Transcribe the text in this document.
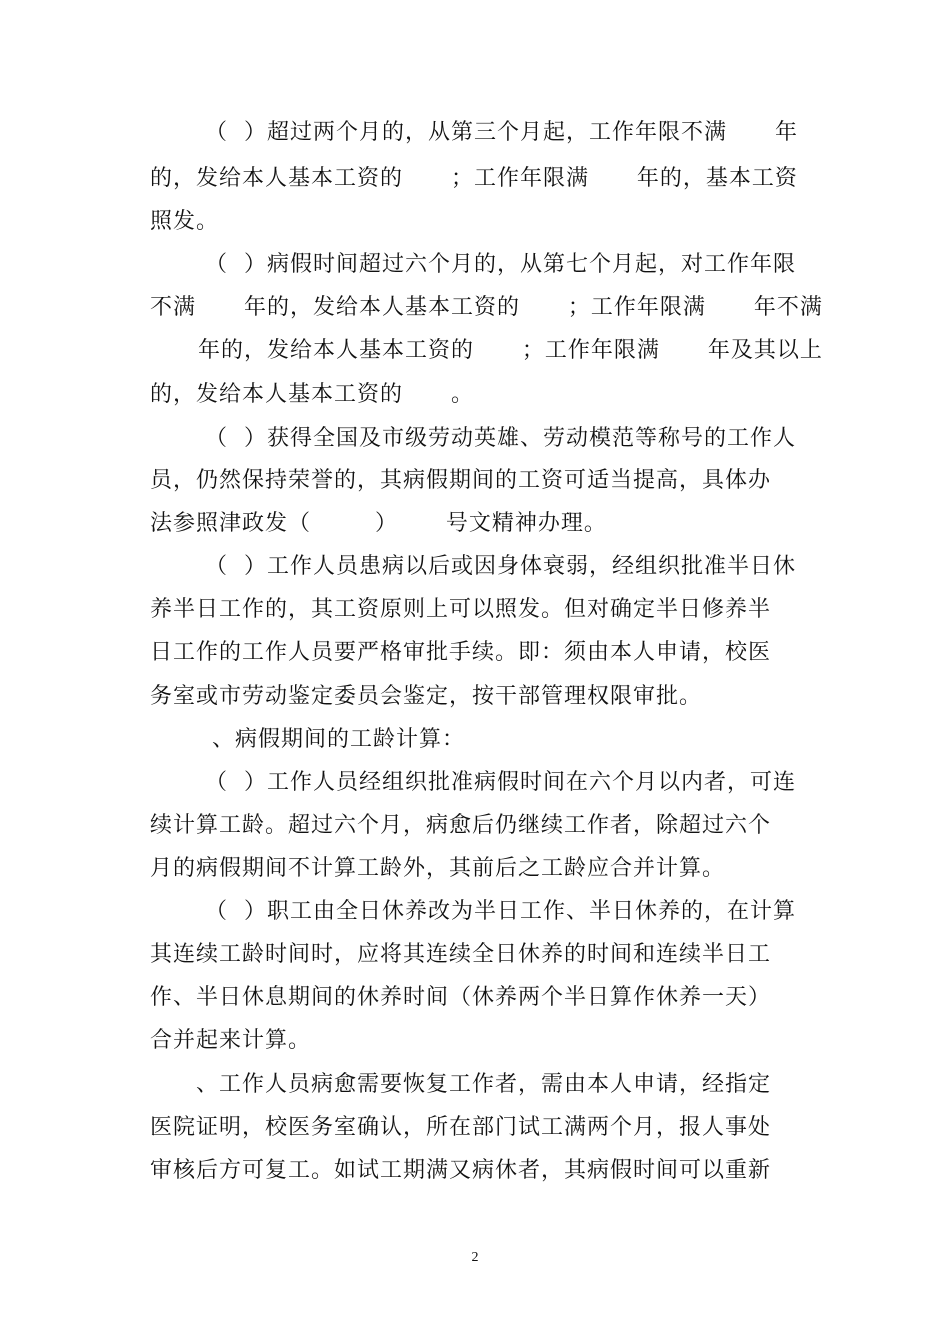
（  ）超过两个月的，从第三个月起，工作年限不满      年
的，发给本人基本工资的      ；工作年限满      年的，基本工资
照发。
（  ）病假时间超过六个月的，从第七个月起，对工作年限
不满      年的，发给本人基本工资的      ；工作年限满      年不满
年的，发给本人基本工资的      ；工作年限满      年及其以上
的，发给本人基本工资的      。
（  ）获得全国及市级劳动英雄、劳动模范等称号的工作人
员，仍然保持荣誉的，其病假期间的工资可适当提高，具体办
法参照津政发（        ）      号文精神办理。
（  ）工作人员患病以后或因身体衰弱，经组织批准半日休
养半日工作的，其工资原则上可以照发。但对确定半日修养半
日工作的工作人员要严格审批手续。即：须由本人申请，校医
务室或市劳动鉴定委员会鉴定，按干部管理权限审批。
、病假期间的工龄计算：
（  ）工作人员经组织批准病假时间在六个月以内者，可连
续计算工龄。超过六个月，病愈后仍继续工作者，除超过六个
月的病假期间不计算工龄外，其前后之工龄应合并计算。
（  ）职工由全日休养改为半日工作、半日休养的，在计算
其连续工龄时间时，应将其连续全日休养的时间和连续半日工
作、半日休息期间的休养时间（休养两个半日算作休养一天）
合并起来计算。
、工作人员病愈需要恢复工作者，需由本人申请，经指定
医院证明，校医务室确认，所在部门试工满两个月，报人事处
审核后方可复工。如试工期满又病休者，其病假时间可以重新
2
